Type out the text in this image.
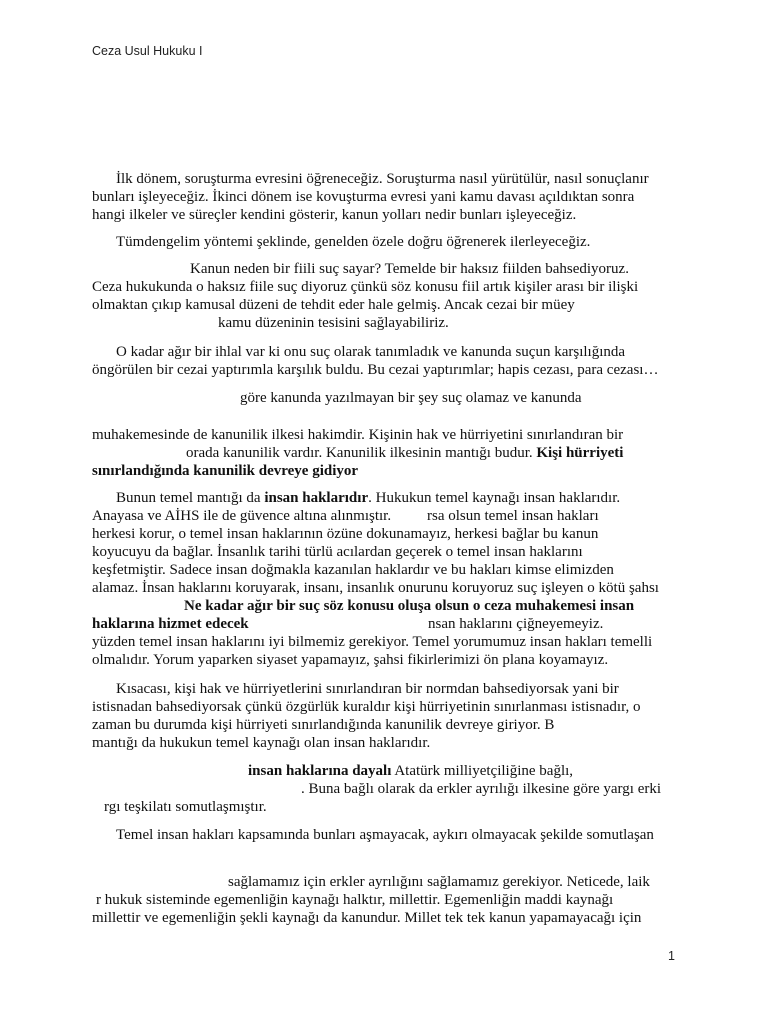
Ceza Usul Hukuku I
İlk dönem, soruşturma evresini öğreneceğiz. Soruşturma nasıl yürütülür, nasıl sonuçlanır
bunları işleyeceğiz. İkinci dönem ise kovuşturma evresi yani kamu davası açıldıktan sonra
hangi ilkeler ve süreçler kendini gösterir, kanun yolları nedir bunları işleyeceğiz.
Tümdengelim yöntemi şeklinde, genelden özele doğru öğrenerek ilerleyeceğiz.
Kanun neden bir fiili suç sayar? Temelde bir haksız fiilden bahsediyoruz.
Ceza hukukunda o haksız fiile suç diyoruz çünkü söz konusu fiil artık kişiler arası bir ilişki
olmaktan çıkıp kamusal düzeni de tehdit eder hale gelmiş. Ancak cezai bir müey
kamu düzeninin tesisini sağlayabiliriz.
O kadar ağır bir ihlal var ki onu suç olarak tanımladık ve kanunda suçun karşılığında
öngörülen bir cezai yaptırımla karşılık buldu. Bu cezai yaptırımlar; hapis cezası, para cezası…
göre kanunda yazılmayan bir şey suç olamaz ve kanunda
muhakemesinde de kanunilik ilkesi hakimdir. Kişinin hak ve hürriyetini sınırlandıran bir
orada kanunilik vardır. Kanunilik ilkesinin mantığı budur. Kişi hürriyeti
sınırlandığında kanunilik devreye gidiyor
Bunun temel mantığı da insan haklarıdır. Hukukun temel kaynağı insan haklarıdır.
Anayasa ve AİHS ile de güvence altına alınmıştır. rsa olsun temel insan hakları
herkesi korur, o temel insan haklarının özüne dokunamayız, herkesi bağlar bu kanun
koyucuyu da bağlar. İnsanlık tarihi türlü acılardan geçerek o temel insan haklarını
keşfetmiştir. Sadece insan doğmakla kazanılan haklardır ve bu hakları kimse elimizden
alamaz. İnsan haklarını koruyarak, insanı, insanlık onurunu koruyoruz suç işleyen o kötü şahsı
Ne kadar ağır bir suç söz konusu oluşa olsun o ceza muhakemesi insan
haklarına hizmet edecek	nsan haklarını çiğneyemeyiz.
yüzden temel insan haklarını iyi bilmemiz gerekiyor. Temel yorumumuz insan hakları temelli
olmalıdır. Yorum yaparken siyaset yapamayız, şahsi fikirlerimizi ön plana koyamayız.
Kısacası, kişi hak ve hürriyetlerini sınırlandıran bir normdan bahsediyorsak yani bir
istisnadan bahsediyorsak çünkü özgürlük kuraldır kişi hürriyetinin sınırlanması istisnadır, o
zaman bu durumda kişi hürriyeti sınırlandığında kanunilik devreye giriyor. B
mantığı da hukukun temel kaynağı olan insan haklarıdır.
insan haklarına dayalı Atatürk milliyetçiliğine bağlı,
. Buna bağlı olarak da erkler ayrılığı ilkesine göre yargı erki
rgı teşkilatı somutlaşmıştır.
Temel insan hakları kapsamında bunları aşmayacak, aykırı olmayacak şekilde somutlaşan
sağlamamız için erkler ayrılığını sağlamamız gerekiyor. Neticede, laik
r hukuk sisteminde egemenliğin kaynağı halktır, millettir. Egemenliğin maddi kaynağı
millettir ve egemenliğin şekli kaynağı da kanundur. Millet tek tek kanun yapamayacağı için
1
